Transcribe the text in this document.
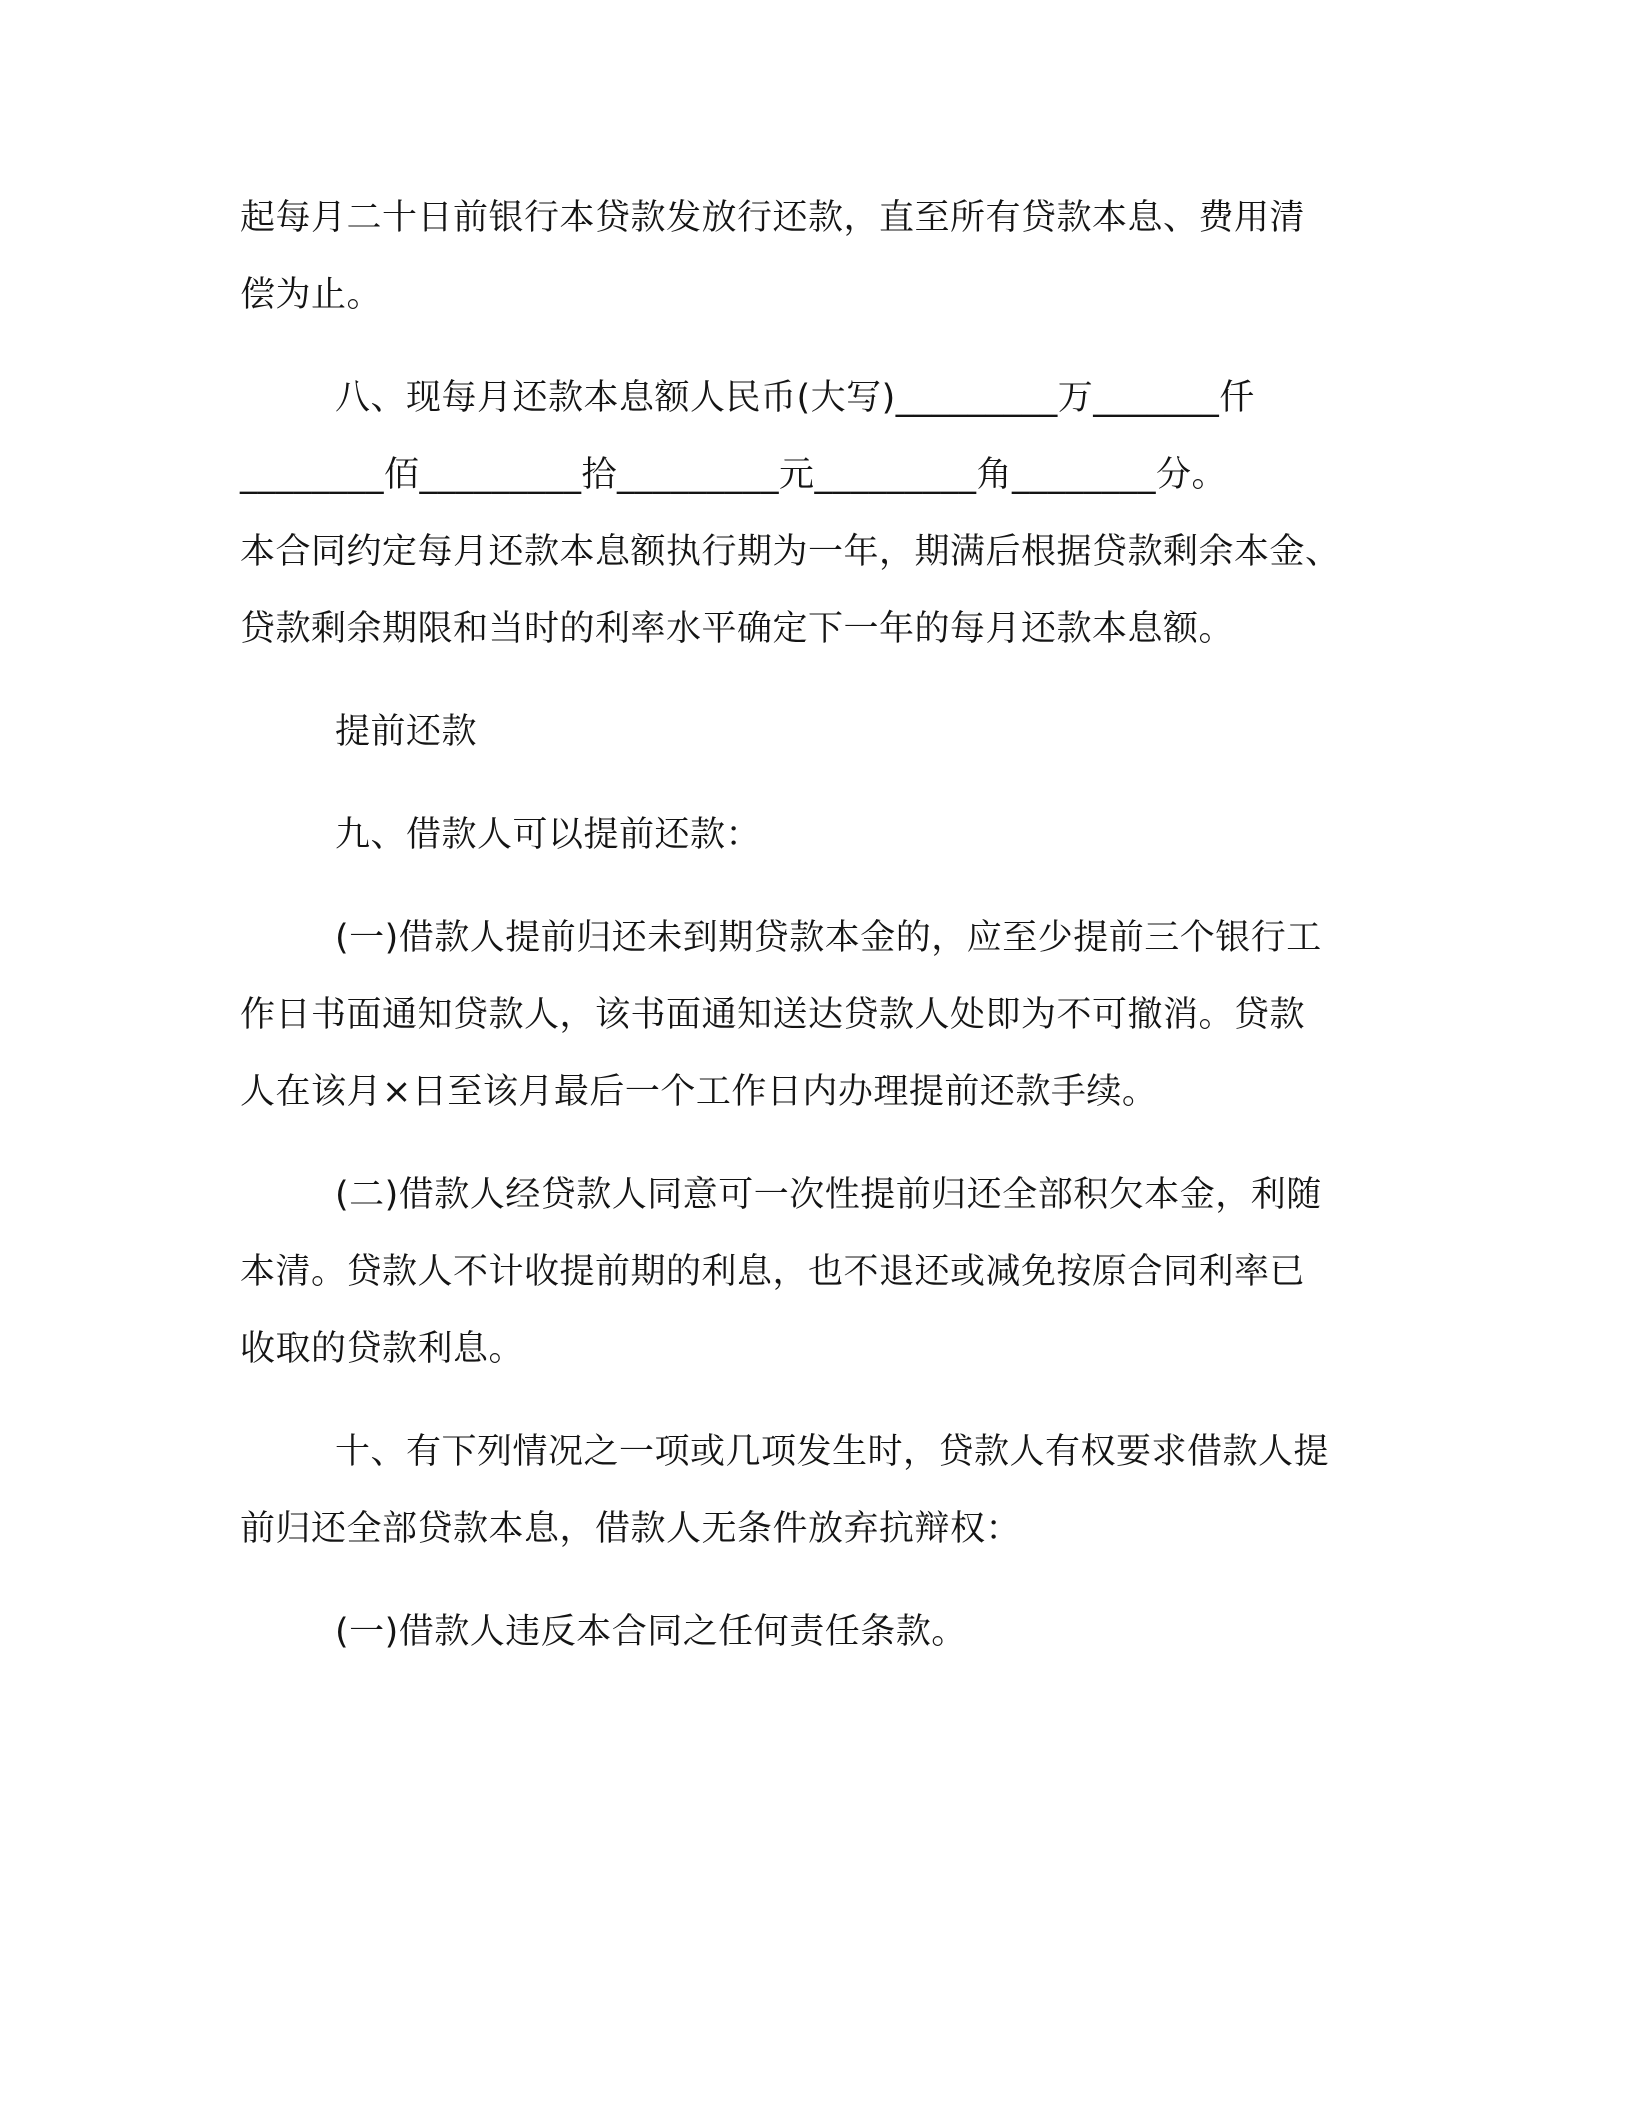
起每月二十日前银行本贷款发放行还款，直至所有贷款本息、费用清
偿为止。
八、现每月还款本息额人民币(大写)_________万_______仟
________佰_________拾_________元_________角________分。
本合同约定每月还款本息额执行期为一年，期满后根据贷款剩余本金、
贷款剩余期限和当时的利率水平确定下一年的每月还款本息额。
提前还款
九、借款人可以提前还款：
(一)借款人提前归还未到期贷款本金的，应至少提前三个银行工
作日书面通知贷款人，该书面通知送达贷款人处即为不可撤消。贷款
人在该月×日至该月最后一个工作日内办理提前还款手续。
(二)借款人经贷款人同意可一次性提前归还全部积欠本金，利随
本清。贷款人不计收提前期的利息，也不退还或减免按原合同利率已
收取的贷款利息。
十、有下列情况之一项或几项发生时，贷款人有权要求借款人提
前归还全部贷款本息，借款人无条件放弃抗辩权：
(一)借款人违反本合同之任何责任条款。
